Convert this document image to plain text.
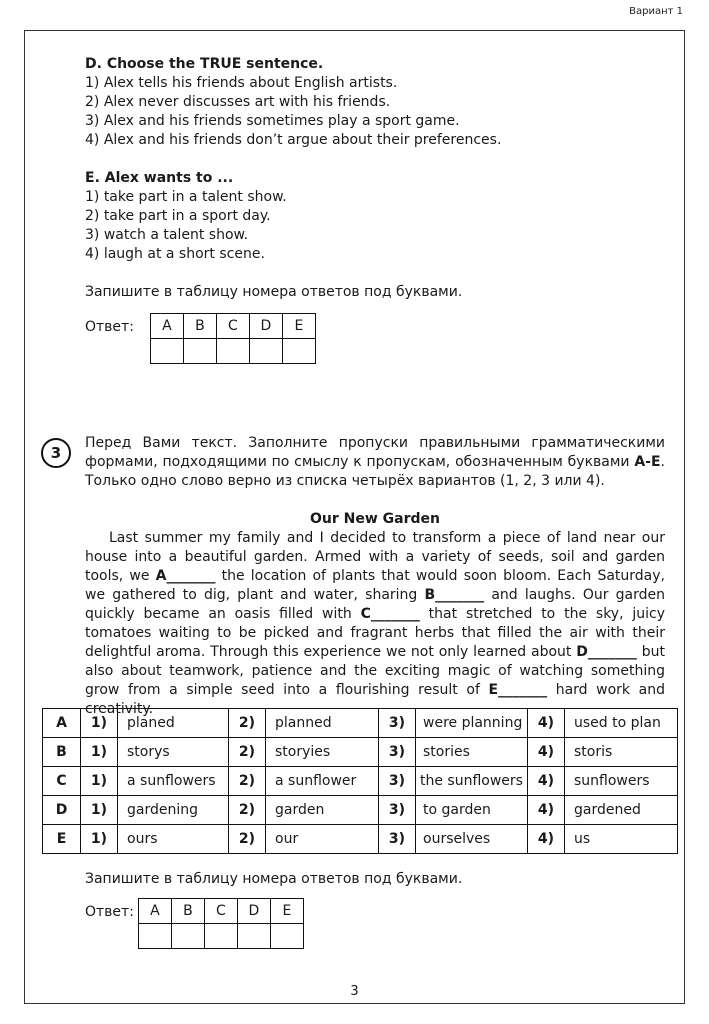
Вариант 1
D. Choose the TRUE sentence.
1) Alex tells his friends about English artists.
2) Alex never discusses art with his friends.
3) Alex and his friends sometimes play a sport game.
4) Alex and his friends don’t argue about their preferences.
E. Alex wants to ...
1) take part in a talent show.
2) take part in a sport day.
3) watch a talent show.
4) laugh at a short scene.
Запишите в таблицу номера ответов под буквами.
Ответ: A	B	C	D	E

3
Перед Вами текст. Заполните пропуски правильными грамматическими формами, подходящими по смыслу к пропускам, обозначенным буквами A-E. Только одно слово верно из списка четырёх вариантов (1, 2, 3 или 4).
Our New Garden

Last summer my family and I decided to transform a piece of land near our house into a beautiful garden. Armed with a variety of seeds, soil and garden tools, we A_______ the location of plants that would soon bloom. Each Saturday, we gathered to dig, plant and water, sharing B_______ and laughs. Our garden quickly became an oasis filled with C_______ that stretched to the sky, juicy tomatoes waiting to be picked and fragrant herbs that filled the air with their delightful aroma. Through this experience we not only learned about D_______ but also about teamwork, patience and the exciting magic of watching something grow from a simple seed into a flourishing result of E_______ hard work and creativity.

A	1)	planed	2)	planned	3)	were planning	4)	used to plan
B	1)	storys	2)	storyies	3)	stories	4)	storis
C	1)	a sunflowers	2)	a sunflower	3)	the sunflowers	4)	sunflowers
D	1)	gardening	2)	garden	3)	to garden	4)	gardened
E	1)	ours	2)	our	3)	ourselves	4)	us
Запишите в таблицу номера ответов под буквами.
Ответ: A	B	C	D	E

3
